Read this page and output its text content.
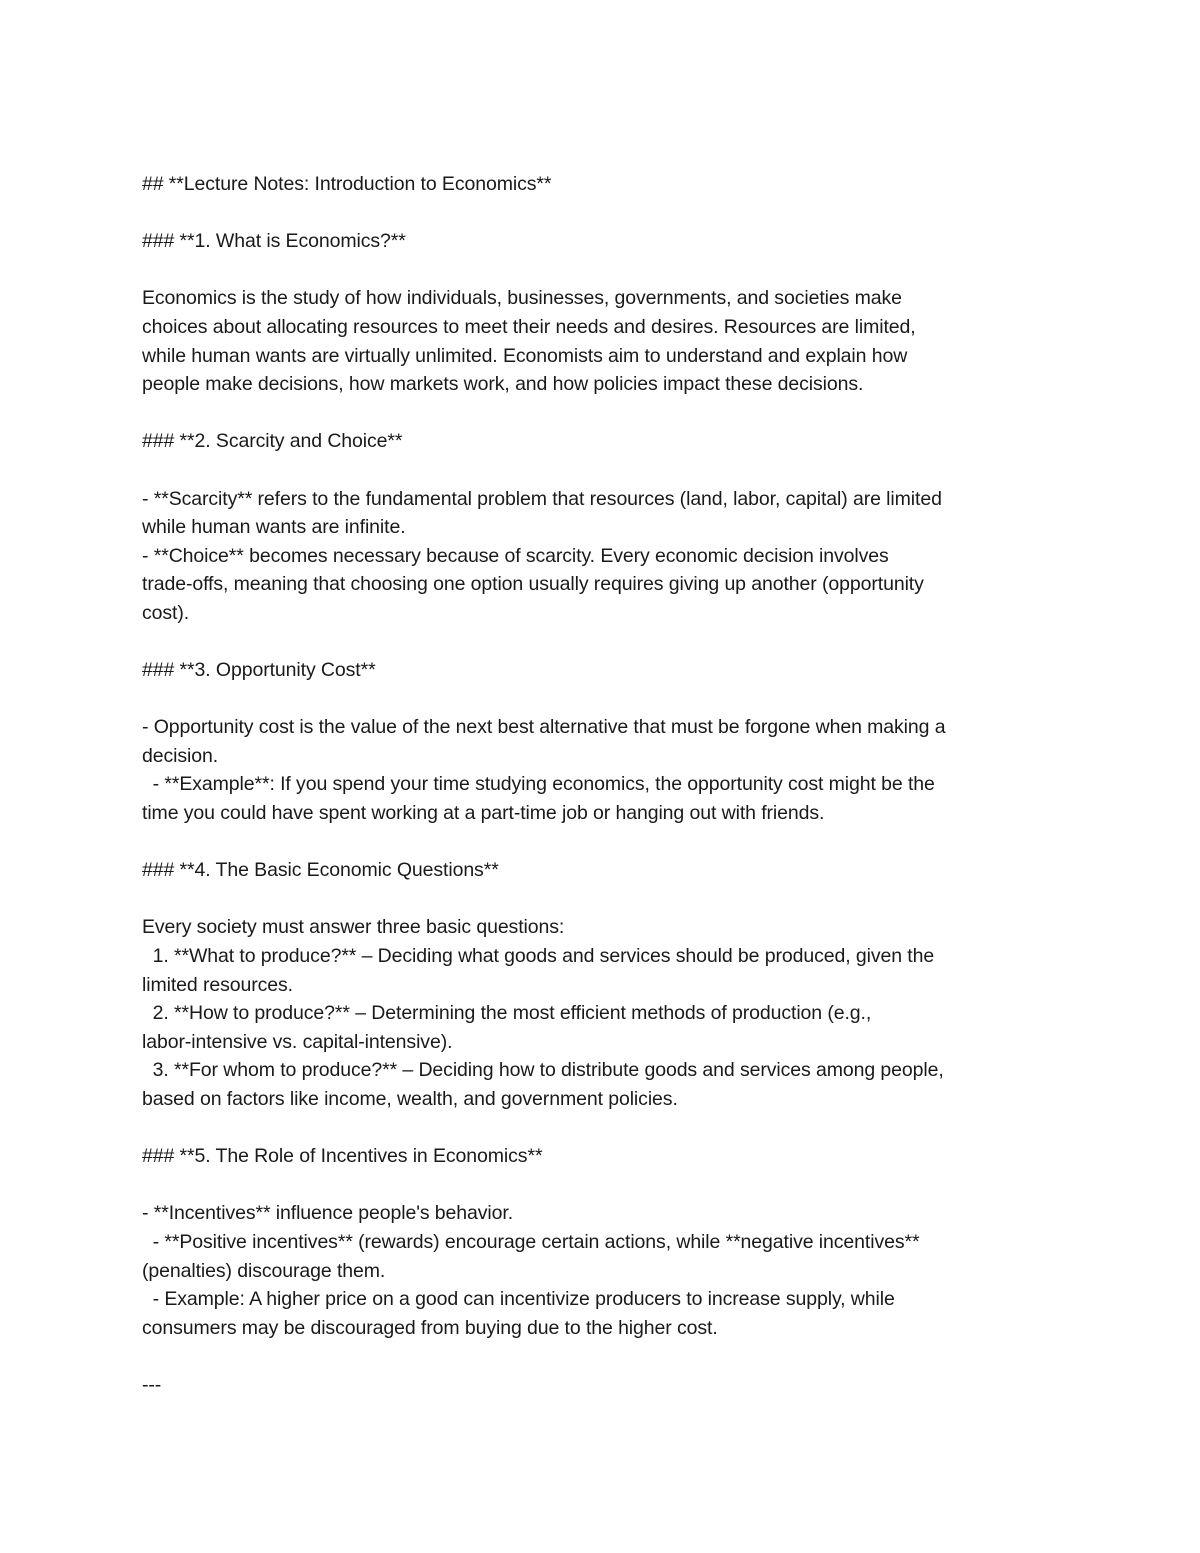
## **Lecture Notes: Introduction to Economics**
### **1. What is Economics?**
Economics is the study of how individuals, businesses, governments, and societies make
choices about allocating resources to meet their needs and desires. Resources are limited,
while human wants are virtually unlimited. Economists aim to understand and explain how
people make decisions, how markets work, and how policies impact these decisions.
### **2. Scarcity and Choice**
- **Scarcity** refers to the fundamental problem that resources (land, labor, capital) are limited
while human wants are infinite.
- **Choice** becomes necessary because of scarcity. Every economic decision involves
trade-offs, meaning that choosing one option usually requires giving up another (opportunity
cost).
### **3. Opportunity Cost**
- Opportunity cost is the value of the next best alternative that must be forgone when making a
decision.
- **Example**: If you spend your time studying economics, the opportunity cost might be the
time you could have spent working at a part-time job or hanging out with friends.
### **4. The Basic Economic Questions**
Every society must answer three basic questions:
1. **What to produce?** – Deciding what goods and services should be produced, given the
limited resources.
2. **How to produce?** – Determining the most efficient methods of production (e.g.,
labor-intensive vs. capital-intensive).
3. **For whom to produce?** – Deciding how to distribute goods and services among people,
based on factors like income, wealth, and government policies.
### **5. The Role of Incentives in Economics**
- **Incentives** influence people's behavior.
- **Positive incentives** (rewards) encourage certain actions, while **negative incentives**
(penalties) discourage them.
- Example: A higher price on a good can incentivize producers to increase supply, while
consumers may be discouraged from buying due to the higher cost.
---
